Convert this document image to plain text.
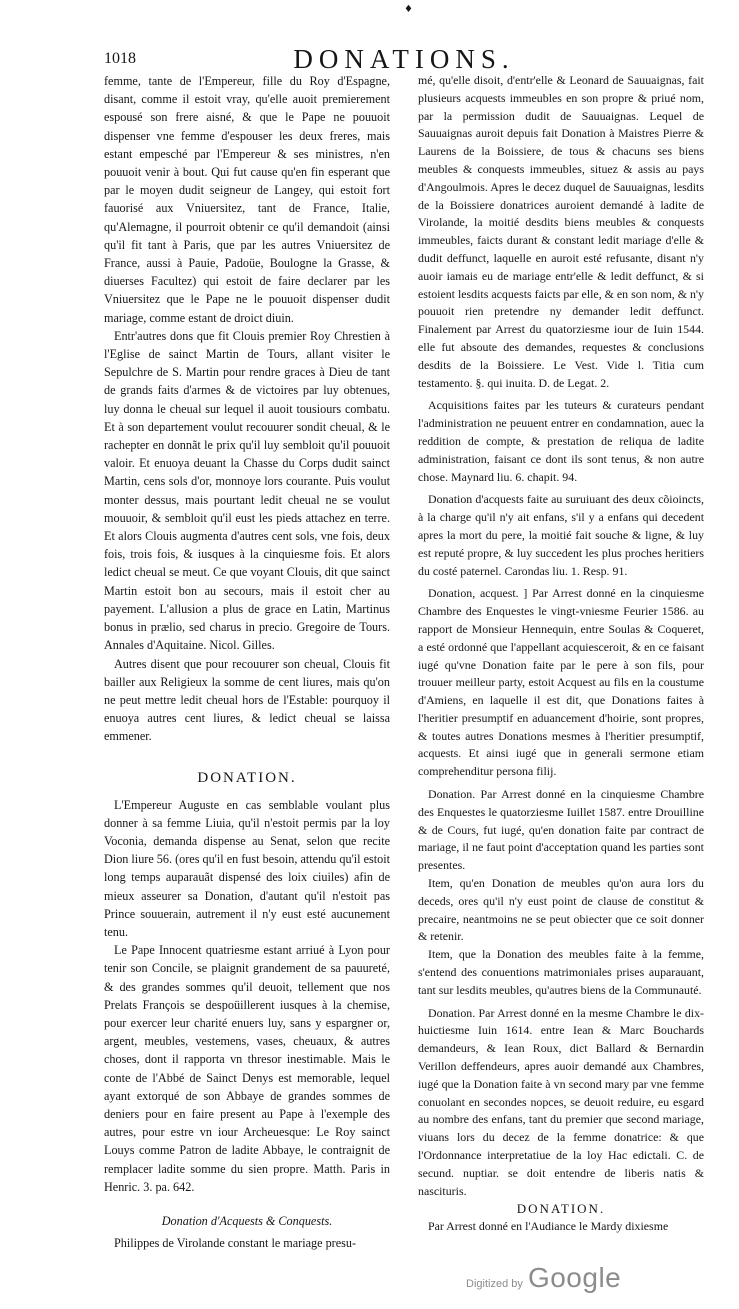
♦
1018	DONATIONS.

femme, tante de l'Empereur, fille du Roy d'Espagne, disant, comme il estoit vray, qu'elle auoit premierement espousé son frere aisné, & que le Pape ne pouuoit dispenser vne femme d'espouser les deux freres, mais estant empesché par l'Empereur & ses ministres, n'en pouuoit venir à bout. Qui fut cause qu'en fin esperant que par le moyen dudit seigneur de Langey, qui estoit fort fauorisé aux Vniuersitez, tant de France, Italie, qu'Alemagne, il pourroit obtenir ce qu'il demandoit (ainsi qu'il fit tant à Paris, que par les autres Vniuersitez de France, aussi à Pauie, Padoüe, Boulogne la Grasse, & diuerses Facultez) qui estoit de faire declarer par les Vniuersitez que le Pape ne le pouuoit dispenser dudit mariage, comme estant de droict diuin.

Entr'autres dons que fit Clouis premier Roy Chrestien à l'Eglise de sainct Martin de Tours, allant visiter le Sepulchre de S. Martin pour rendre graces à Dieu de tant de grands faits d'armes & de victoires par luy obtenues, luy donna le cheual sur lequel il auoit tousiours combatu. Et à son departement voulut recouurer sondit cheual, & le rachepter en donnãt le prix qu'il luy sembloit qu'il pouuoit valoir. Et enuoya deuant la Chasse du Corps dudit sainct Martin, cens sols d'or, monnoye lors courante. Puis voulut monter dessus, mais pourtant ledit cheual ne se voulut mouuoir, & sembloit qu'il eust les pieds attachez en terre. Et alors Clouis augmenta d'autres cent sols, vne fois, deux fois, trois fois, & iusques à la cinquiesme fois. Et alors ledict cheual se meut. Ce que voyant Clouis, dit que sainct Martin estoit bon au secours, mais il estoit cher au payement. L'allusion a plus de grace en Latin, Martinus bonus in prælio, sed charus in precio. Gregoire de Tours. Annales d'Aquitaine. Nicol. Gilles.

Autres disent que pour recouurer son cheual, Clouis fit bailler aux Religieux la somme de cent liures, mais qu'on ne peut mettre ledit cheual hors de l'Estable: pourquoy il enuoya autres cent liures, & ledict cheual se laissa emmener.

DONATION.

L'Empereur Auguste en cas semblable voulant plus donner à sa femme Liuia, qu'il n'estoit permis par la loy Voconia, demanda dispense au Senat, selon que recite Dion liure 56. (ores qu'il en fust besoin, attendu qu'il estoit long temps auparauãt dispensé des loix ciuiles) afin de mieux asseurer sa Donation, d'autant qu'il n'estoit pas Prince souuerain, autrement il n'y eust esté aucunement tenu.

Le Pape Innocent quatriesme estant arriué à Lyon pour tenir son Concile, se plaignit grandement de sa pauureté, & des grandes sommes qu'il deuoit, tellement que nos Prelats François se despoüillerent iusques à la chemise, pour exercer leur charité enuers luy, sans y espargner or, argent, meubles, vestemens, vases, cheuaux, & autres choses, dont il rapporta vn thresor inestimable. Mais le conte de l'Abbé de Sainct Denys est memorable, lequel ayant extorqué de son Abbaye de grandes sommes de deniers pour en faire present au Pape à l'exemple des autres, pour estre vn iour Archeuesque: Le Roy sainct Louys comme Patron de ladite Abbaye, le contraignit de remplacer ladite somme du sien propre. Matth. Paris in Henric. 3. pa. 642.

Donation d'Acquests & Conquests.

Philippes de Virolande constant le mariage presu-

mé, qu'elle disoit, d'entr'elle & Leonard de Sauuaignas, fait plusieurs acquests immeubles en son propre & priué nom, par la permission dudit de Sauuaignas. Lequel de Sauuaignas auroit depuis fait Donation à Maistres Pierre & Laurens de la Boissiere, de tous & chacuns ses biens meubles & conquests immeubles, situez & assis au pays d'Angoulmois. Apres le decez duquel de Sauuaignas, lesdits de la Boissiere donatrices auroient demandé à ladite de Virolande, la moitié desdits biens meubles & conquests immeubles, faicts durant & constant ledit mariage d'elle & dudit deffunct, laquelle en auroit esté refusante, disant n'y auoir iamais eu de mariage entr'elle & ledit deffunct, & si estoient lesdits acquests faicts par elle, & en son nom, & n'y pouuoit rien pretendre ny demander ledit deffunct. Finalement par Arrest du quatorziesme iour de Iuin 1544. elle fut absoute des demandes, requestes & conclusions desdits de la Boissiere. Le Vest. Vide l. Titia cum testamento. §. qui inuita. D. de Legat. 2.

Acquisitions faites par les tuteurs & curateurs pendant l'administration ne peuuent entrer en condamnation, auec la reddition de compte, & prestation de reliqua de ladite administration, faisant ce dont ils sont tenus, & non autre chose. Maynard liu. 6. chapit. 94.

Donation d'acquests faite au suruiuant des deux cõioincts, à la charge qu'il n'y ait enfans, s'il y a enfans qui decedent apres la mort du pere, la moitié fait souche & ligne, & luy est reputé propre, & luy succedent les plus proches heritiers du costé paternel. Carondas liu. 1. Resp. 91.

Donation, acquest. ] Par Arrest donné en la cinquiesme Chambre des Enquestes le vingt-vniesme Feurier 1586. au rapport de Monsieur Hennequin, entre Soulas & Coqueret, a esté ordonné que l'appellant acquiesceroit, & en ce faisant iugé qu'vne Donation faite par le pere à son fils, pour trouuer meilleur party, estoit Acquest au fils en la coustume d'Amiens, en laquelle il est dit, que Donations faites à l'heritier presumptif en aduancement d'hoirie, sont propres, & toutes autres Donations mesmes à l'heritier presumptif, acquests. Et ainsi iugé que in generali sermone etiam comprehenditur persona filij.

Donation. Par Arrest donné en la cinquiesme Chambre des Enquestes le quatorziesme Iuillet 1587. entre Drouilline & de Cours, fut iugé, qu'en donation faite par contract de mariage, il ne faut point d'acceptation quand les parties sont presentes.

Item, qu'en Donation de meubles qu'on aura lors du deceds, ores qu'il n'y eust point de clause de constitut & precaire, neantmoins ne se peut obiecter que ce soit donner & retenir.

Item, que la Donation des meubles faite à la femme, s'entend des conuentions matrimoniales prises auparauant, tant sur lesdits meubles, qu'autres biens de la Communauté.

Donation. Par Arrest donné en la mesme Chambre le dix-huictiesme Iuin 1614. entre Iean & Marc Bouchards demandeurs, & Iean Roux, dict Ballard & Bernardin Verillon deffendeurs, apres auoir demandé aux Chambres, iugé que la Donation faite à vn second mary par vne femme conuolant en secondes nopces, se deuoit reduire, eu esgard au nombre des enfans, tant du premier que second mariage, viuans lors du decez de la femme donatrice: & que l'Ordonnance interpretatiue de la loy Hac edictali. C. de secund. nuptiar. se doit entendre de liberis natis & nascituris.

DONATION.

Par Arrest donné en l'Audiance le Mardy dixiesme

Digitized by Google
